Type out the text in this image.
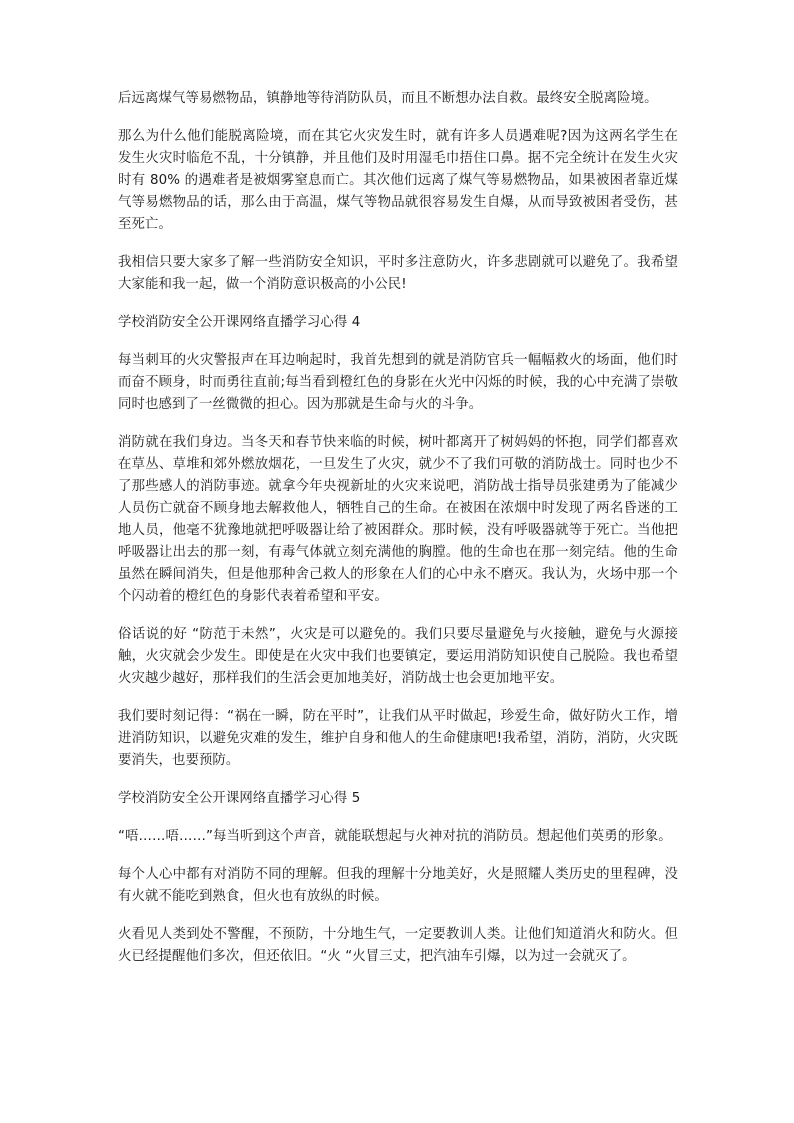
后远离煤气等易燃物品，镇静地等待消防队员，而且不断想办法自救。最终安全脱离险境。

那么为什么他们能脱离险境，而在其它火灾发生时，就有许多人员遇难呢?因为这两名学生在发生火灾时临危不乱，十分镇静，并且他们及时用湿毛巾捂住口鼻。据不完全统计在发生火灾时有 80% 的遇难者是被烟雾窒息而亡。其次他们远离了煤气等易燃物品，如果被困者靠近煤气等易燃物品的话，那么由于高温，煤气等物品就很容易发生自爆，从而导致被困者受伤，甚至死亡。

我相信只要大家多了解一些消防安全知识，平时多注意防火，许多悲剧就可以避免了。我希望大家能和我一起，做一个消防意识极高的小公民!

学校消防安全公开课网络直播学习心得 4

每当刺耳的火灾警报声在耳边响起时，我首先想到的就是消防官兵一幅幅救火的场面，他们时而奋不顾身，时而勇往直前;每当看到橙红色的身影在火光中闪烁的时候，我的心中充满了崇敬同时也感到了一丝微微的担心。因为那就是生命与火的斗争。

消防就在我们身边。当冬天和春节快来临的时候，树叶都离开了树妈妈的怀抱，同学们都喜欢在草丛、草堆和郊外燃放烟花，一旦发生了火灾，就少不了我们可敬的消防战士。同时也少不了那些感人的消防事迹。就拿今年央视新址的火灾来说吧，消防战士指导员张建勇为了能减少人员伤亡就奋不顾身地去解救他人，牺牲自己的生命。在被困在浓烟中时发现了两名昏迷的工地人员，他毫不犹豫地就把呼吸器让给了被困群众。那时候，没有呼吸器就等于死亡。当他把呼吸器让出去的那一刻，有毒气体就立刻充满他的胸膛。他的生命也在那一刻完结。他的生命虽然在瞬间消失，但是他那种舍己救人的形象在人们的心中永不磨灭。我认为，火场中那一个个闪动着的橙红色的身影代表着希望和平安。

俗话说的好 “防范于未然”，火灾是可以避免的。我们只要尽量避免与火接触，避免与火源接触，火灾就会少发生。即使是在火灾中我们也要镇定，要运用消防知识使自己脱险。我也希望火灾越少越好，那样我们的生活会更加地美好，消防战士也会更加地平安。

我们要时刻记得：“祸在一瞬，防在平时”，让我们从平时做起，珍爱生命，做好防火工作，增进消防知识，以避免灾难的发生，维护自身和他人的生命健康吧!我希望，消防，消防，火灾既要消失，也要预防。

学校消防安全公开课网络直播学习心得 5

“唔……唔……”每当听到这个声音，就能联想起与火神对抗的消防员。想起他们英勇的形象。

每个人心中都有对消防不同的理解。但我的理解十分地美好，火是照耀人类历史的里程碑，没有火就不能吃到熟食，但火也有放纵的时候。

火看见人类到处不警醒，不预防，十分地生气，一定要教训人类。让他们知道消火和防火。但火已经提醒他们多次，但还依旧。“火 “火冒三丈，把汽油车引爆，以为过一会就灭了。
